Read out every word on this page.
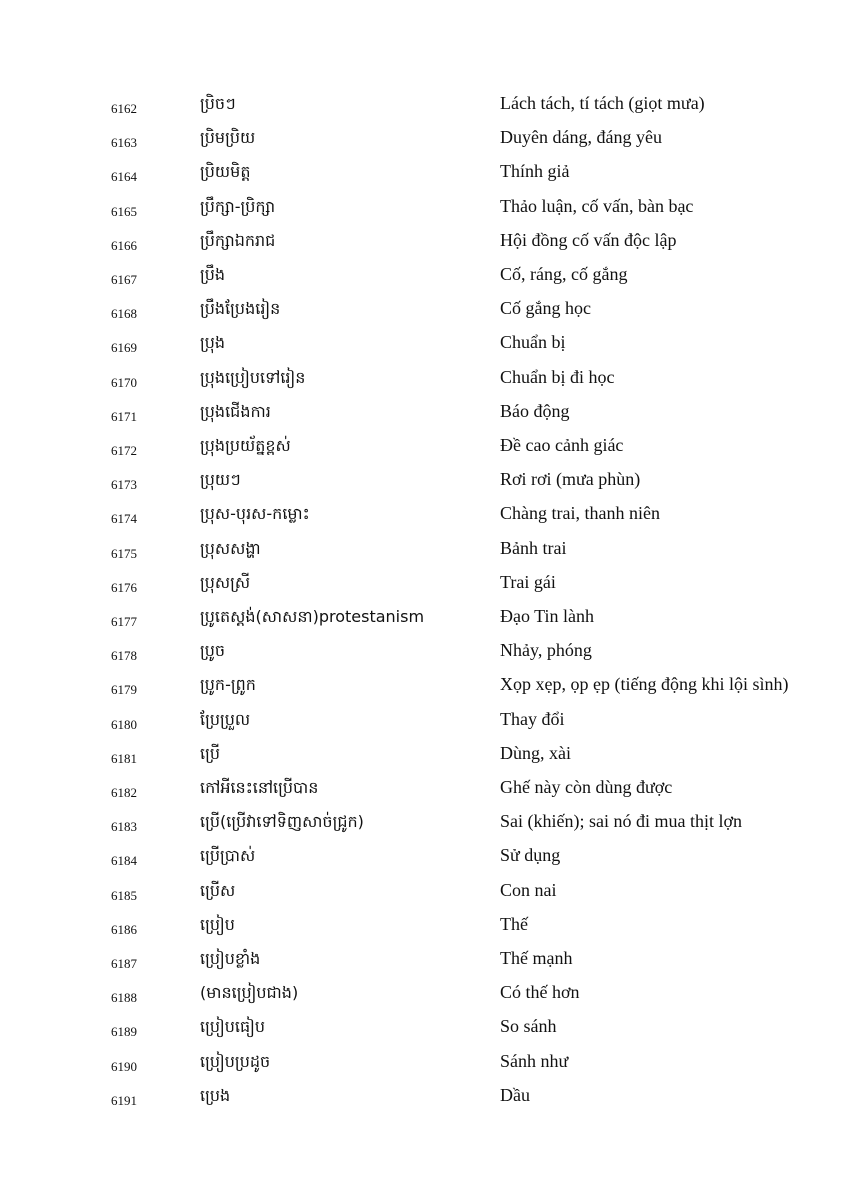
6162	ប្រិចៗ	Lách tách, tí tách (giọt mưa)
6163	ប្រិមប្រិយ	Duyên dáng, đáng yêu
6164	ប្រិយមិត្ត	Thính giả
6165	ប្រឹក្សា-ប្រិក្សា	Thảo luận, cố vấn, bàn bạc
6166	ប្រឹក្សាឯករាជ	Hội đồng cố vấn độc lập
6167	ប្រឹង	Cố, ráng, cố gắng
6168	ប្រឹងប្រែងរៀន	Cố gắng học
6169	ប្រុង	Chuẩn bị
6170	ប្រុងប្រៀបទៅរៀន	Chuẩn bị đi học
6171	ប្រុងជើងការ	Báo động
6172	ប្រុងប្រយ័ត្នខ្ពស់	Đề cao cảnh giác
6173	ប្រុយៗ	Rơi rơi (mưa phùn)
6174	ប្រុស-បុរស-កម្លោះ	Chàng trai, thanh niên
6175	ប្រុសសង្ហា	Bảnh trai
6176	ប្រុសស្រី	Trai gái
6177	ប្រូតេស្តង់(សាសនា)protestanism	Đạo Tin lành
6178	ប្រូច	Nhảy, phóng
6179	ប្រូក-ព្រូក	Xọp xẹp, ọp ẹp (tiếng động khi lội sình)
6180	ប្រែប្រួល	Thay đổi
6181	ប្រើ	Dùng, xài
6182	កៅអីនេះនៅប្រើបាន	Ghế này còn dùng được
6183	ប្រើ(ប្រើវាទៅទិញសាច់ជ្រូក)	Sai (khiến); sai nó đi mua thịt lợn
6184	ប្រើប្រាស់	Sử dụng
6185	ប្រើស	Con nai
6186	ប្រៀប	Thế
6187	ប្រៀបខ្លាំង	Thế mạnh
6188	(មានប្រៀបជាង)	Có thế hơn
6189	ប្រៀបធៀប	So sánh
6190	ប្រៀបប្រដូច	Sánh như
6191	ប្រេង	Dầu
